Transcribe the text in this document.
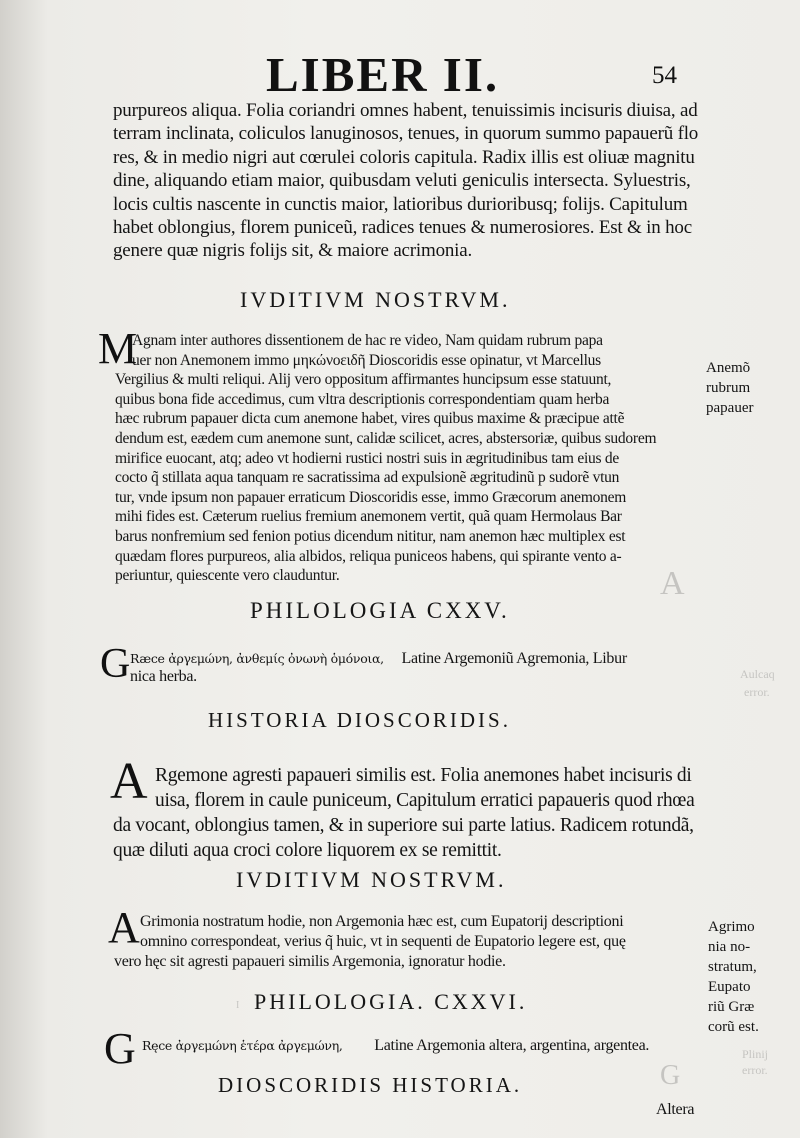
LIBER II.	54
purpureos aliqua. Folia coriandri omnes habent, tenuissimis incisuris diuisa, ad
terram inclinata, coliculos lanuginosos, tenues, in quorum summo papauerũ flo
res, & in medio nigri aut cœrulei coloris capitula. Radix illis est oliuæ magnitu
dine, aliquando etiam maior, quibusdam veluti geniculis intersecta. Syluestris,
locis cultis nascente in cunctis maior, latioribus durioribusq; folijs. Capitulum
habet oblongius, florem puniceũ, radices tenues & numerosiores. Est & in hoc
genere quæ nigris folijs sit, & maiore acrimonia.
IVDITIVM NOSTRVM.
M
Agnam inter authores dissentionem de hac re video, Nam quidam rubrum papa
uer non Anemonem immo μηκώνοειδῆ Dioscoridis esse opinatur, vt Marcellus
Vergilius & multi reliqui. Alij vero oppositum affirmantes huncipsum esse statuunt,
quibus bona fide accedimus, cum vltra descriptionis correspondentiam quam herba
hæc rubrum papauer dicta cum anemone habet, vires quibus maxime & præcipue attẽ
dendum est, eædem cum anemone sunt, calidæ scilicet, acres, abstersoriæ, quibus sudorem
mirifice euocant, atq; adeo vt hodierni rustici nostri suis in ægritudinibus tam eius de
cocto q̃ stillata aqua tanquam re sacratissima ad expulsionẽ ægritudinũ p sudorẽ vtun
tur, vnde ipsum non papauer erraticum Dioscoridis esse, immo Græcorum anemonem
mihi fides est. Cæterum ruelius fremium anemonem vertit, quã quam Hermolaus Bar
barus nonfremium sed fenion potius dicendum nititur, nam anemon hæc multiplex est
quædam flores purpureos, alia albidos, reliqua puniceos habens, qui spirante vento a-
periuntur, quiescente vero clauduntur.
Anemõ
rubrum
papauer
PHILOLOGIA CXXV.
G Ræce ἀργεμώνη, ἀνθεμίς ὀνωνὴ ὁμόνοια, Latine Argemoniũ Agremonia, Libur
nica herba.
HISTORIA DIOSCORIDIS.
A Rgemone agresti papaueri similis est. Folia anemones habet incisuris di
uisa, florem in caule puniceum, Capitulum erratici papaueris quod rhœa
da vocant, oblongius tamen, & in superiore sui parte latius. Radicem rotundã,
quæ diluti aqua croci colore liquorem ex se remittit.
IVDITIVM NOSTRVM.
A Grimonia nostratum hodie, non Argemonia hæc est, cum Eupatorij descriptioni
omnino correspondeat, verius q̃ huic, vt in sequenti de Eupatorio legere est, quę
vero hęc sit agresti papaueri similis Argemonia, ignoratur hodie.
Agrimo
nia no-
stratum,
Eupato
riũ Græ
corũ est.
PHILOLOGIA. CXXVI.
G Ręce ἀργεμώνη ἑτέρα ἀργεμώνη, Latine Argemonia altera, argentina, argentea.
DIOSCORIDIS HISTORIA.
Altera
A
Aulcaq
error.
Plinij
error.
G
I
